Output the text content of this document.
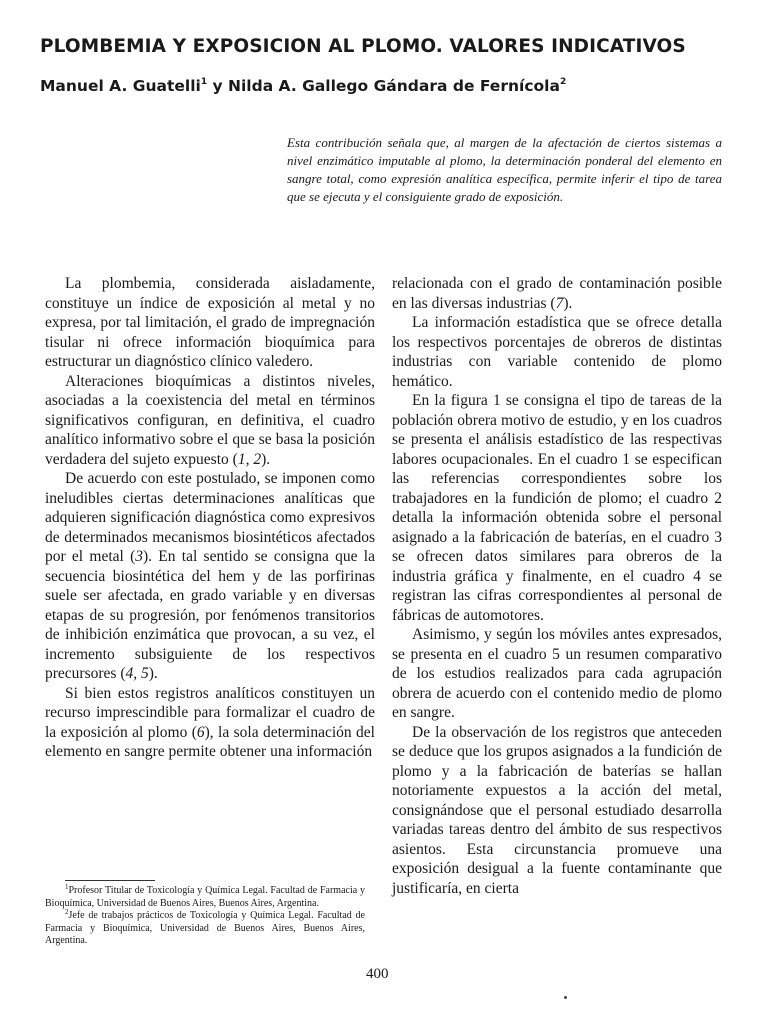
PLOMBEMIA Y EXPOSICION AL PLOMO. VALORES INDICATIVOS
Manuel A. Guatelli$^1$ y Nilda A. Gallego Gándara de Fernícola$^2$
Esta contribución señala que, al margen de la afectación de ciertos sistemas a nivel enzimático imputable al plomo, la determinación ponderal del elemento en sangre total, como expresión analítica específica, permite inferir el tipo de tarea que se ejecuta y el consiguiente grado de exposición.

La plombemia, considerada aisladamente, constituye un índice de exposición al metal y no expresa, por tal limitación, el grado de impregnación tisular ni ofrece información bioquímica para estructurar un diagnóstico clínico valedero.

Alteraciones bioquímicas a distintos niveles, asociadas a la coexistencia del metal en términos significativos configuran, en definitiva, el cuadro analítico informativo sobre el que se basa la posición verdadera del sujeto expuesto (1, 2).

De acuerdo con este postulado, se imponen como ineludibles ciertas determinaciones analíticas que adquieren significación diagnóstica como expresivos de determinados mecanismos biosintéticos afectados por el metal (3). En tal sentido se consigna que la secuencia biosintética del hem y de las porfirinas suele ser afectada, en grado variable y en diversas etapas de su progresión, por fenómenos transitorios de inhibición enzimática que provocan, a su vez, el incremento subsiguiente de los respectivos precursores (4, 5).

Si bien estos registros analíticos constituyen un recurso imprescindible para formalizar el cuadro de la exposición al plomo (6), la sola determinación del elemento en sangre permite obtener una información

relacionada con el grado de contaminación posible en las diversas industrias (7).

La información estadística que se ofrece detalla los respectivos porcentajes de obreros de distintas industrias con variable contenido de plomo hemático.

En la figura 1 se consigna el tipo de tareas de la población obrera motivo de estudio, y en los cuadros se presenta el análisis estadístico de las respectivas labores ocupacionales. En el cuadro 1 se especifican las referencias correspondientes sobre los trabajadores en la fundición de plomo; el cuadro 2 detalla la información obtenida sobre el personal asignado a la fabricación de baterías, en el cuadro 3 se ofrecen datos similares para obreros de la industria gráfica y finalmente, en el cuadro 4 se registran las cifras correspondientes al personal de fábricas de automotores.

Asimismo, y según los móviles antes expresados, se presenta en el cuadro 5 un resumen comparativo de los estudios realizados para cada agrupación obrera de acuerdo con el contenido medio de plomo en sangre.

De la observación de los registros que anteceden se deduce que los grupos asignados a la fundición de plomo y a la fabricación de baterías se hallan notoriamente expuestos a la acción del metal, consignándose que el personal estudiado desarrolla variadas tareas dentro del ámbito de sus respectivos asientos. Esta circunstancia promueve una exposición desigual a la fuente contaminante que justificaría, en cierta

$^1$Profesor Titular de Toxicología y Química Legal. Facultad de Farmacia y Bioquímica, Universidad de Buenos Aires, Buenos Aires, Argentina.

$^2$Jefe de trabajos prácticos de Toxicología y Química Legal. Facultad de Farmacia y Bioquímica, Universidad de Buenos Aires, Buenos Aires, Argentina.

400
